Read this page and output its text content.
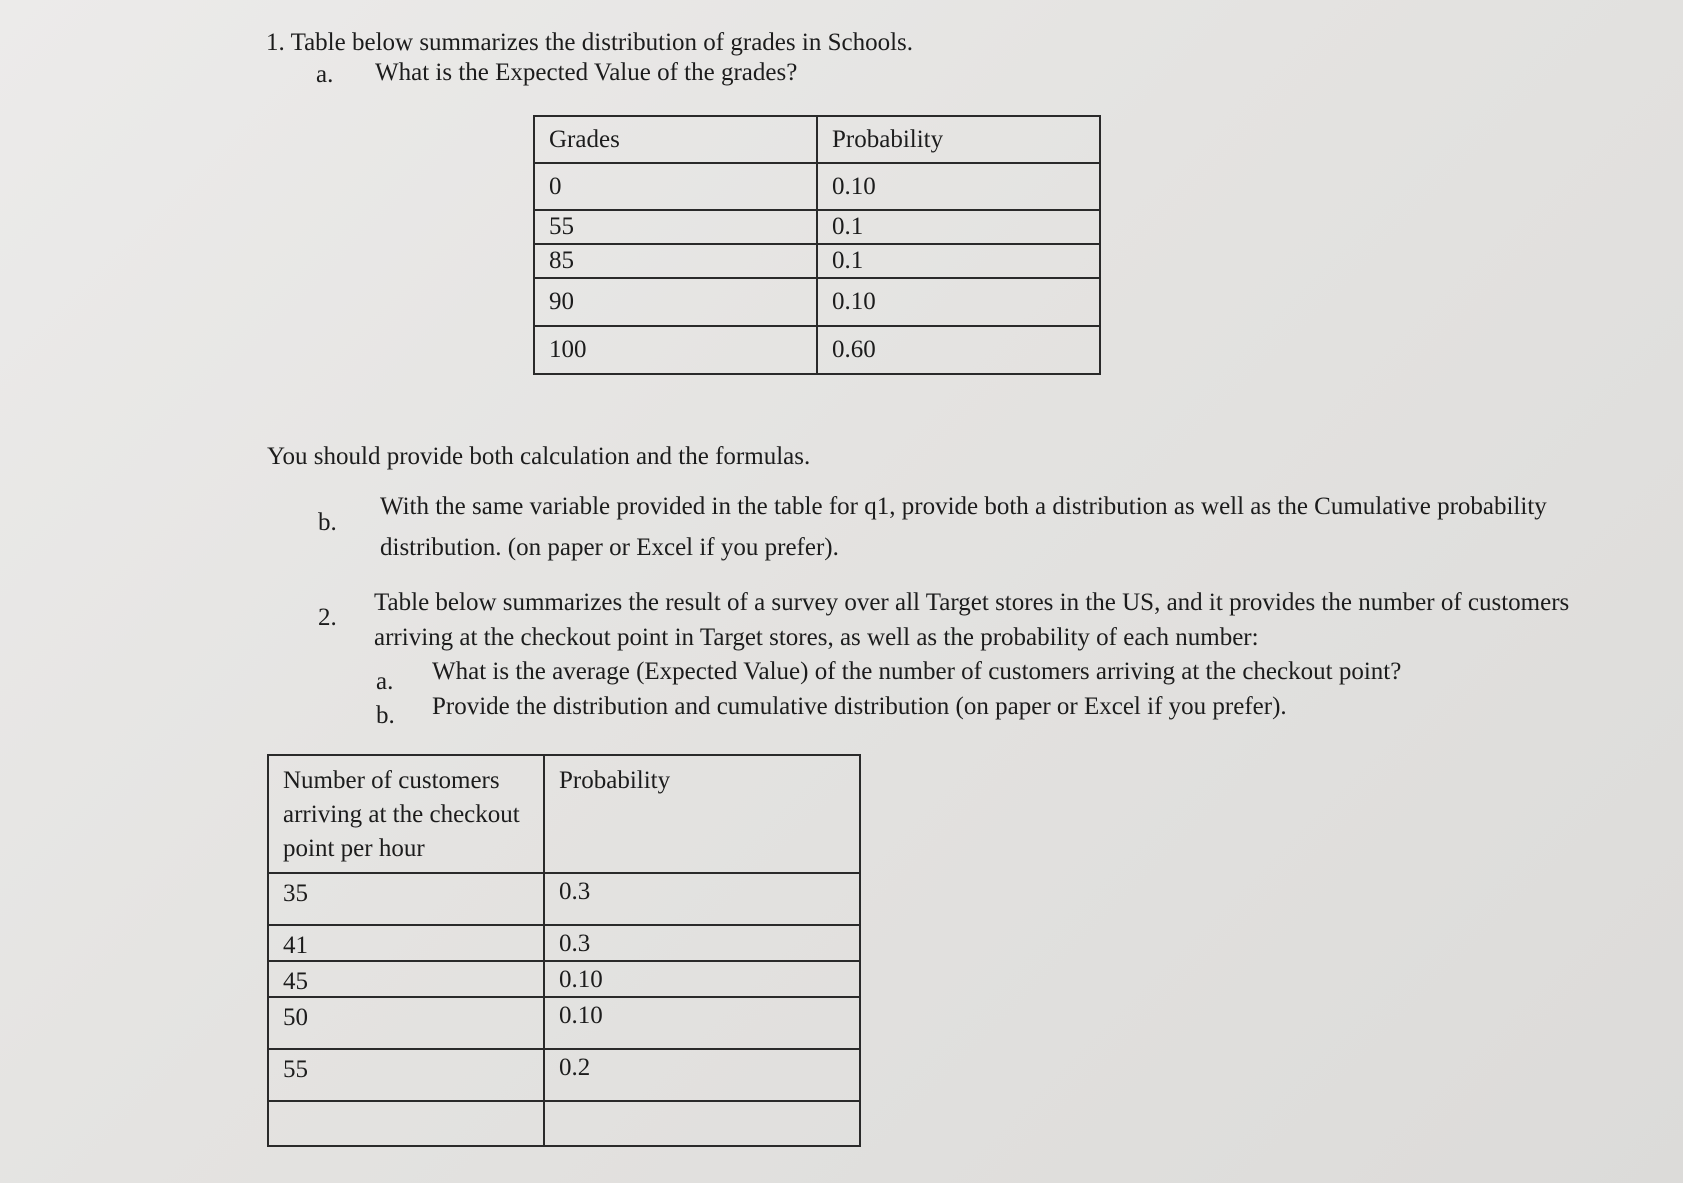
1. Table below summarizes the distribution of grades in Schools.
a. What is the Expected Value of the grades?
Grades	Probability
0	0.10
55	0.1
85	0.1
90	0.10
100	0.60
You should provide both calculation and the formulas.
b.
With the same variable provided in the table for q1, provide both a distribution as well as the Cumulative probability
distribution. (on paper or Excel if you prefer).
2.
Table below summarizes the result of a survey over all Target stores in the US, and it provides the number of customers
arriving at the checkout point in Target stores, as well as the probability of each number:
a. What is the average (Expected Value) of the number of customers arriving at the checkout point?
b. Provide the distribution and cumulative distribution (on paper or Excel if you prefer).
Number of customers arriving at the checkout point per hour	Probability
35	0.3
41	0.3
45	0.10
50	0.10
55	0.2
